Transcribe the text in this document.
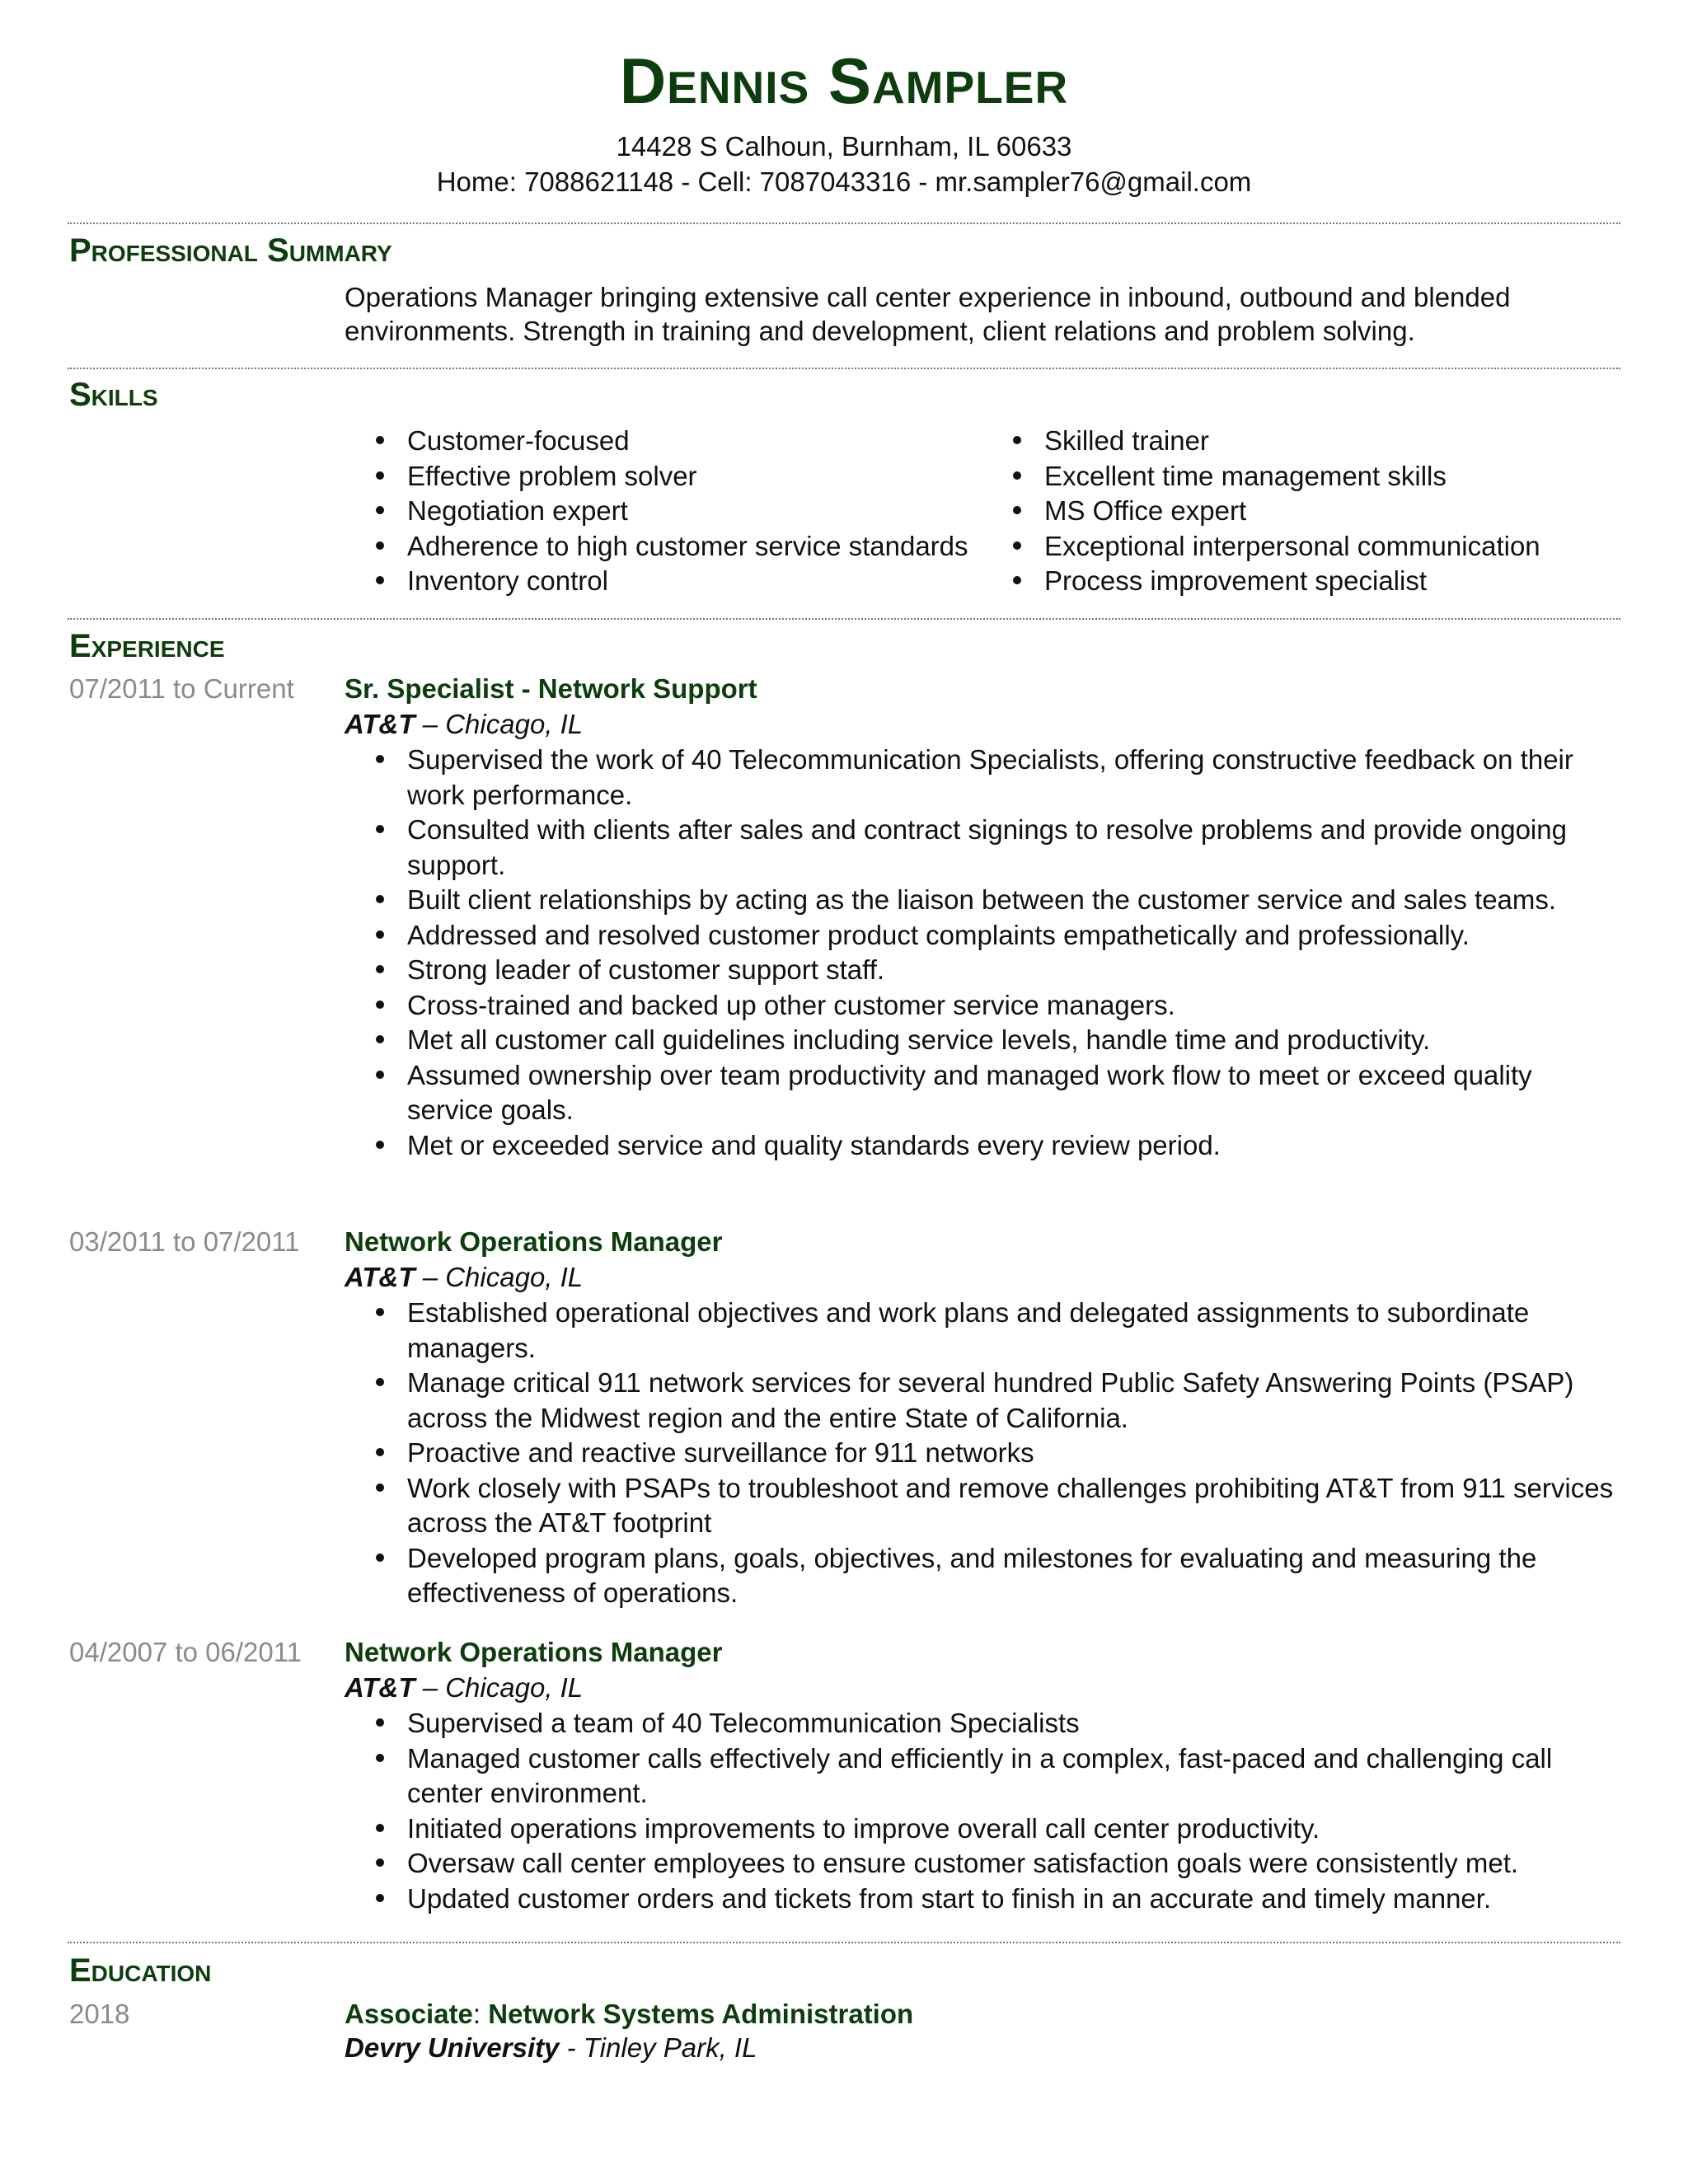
Dennis Sampler
14428 S Calhoun, Burnham, IL 60633
Home: 7088621148 - Cell: 7087043316 - mr.sampler76@gmail.com
Professional Summary
Operations Manager bringing extensive call center experience in inbound, outbound and blended environments. Strength in training and development, client relations and problem solving.
Skills
Customer-focused
Effective problem solver
Negotiation expert
Adherence to high customer service standards
Inventory control
Skilled trainer
Excellent time management skills
MS Office expert
Exceptional interpersonal communication
Process improvement specialist
Experience
07/2011 to Current Sr. Specialist - Network Support
AT&T – Chicago, IL
Supervised the work of 40 Telecommunication Specialists, offering constructive feedback on their work performance.
Consulted with clients after sales and contract signings to resolve problems and provide ongoing support.
Built client relationships by acting as the liaison between the customer service and sales teams.
Addressed and resolved customer product complaints empathetically and professionally.
Strong leader of customer support staff.
Cross-trained and backed up other customer service managers.
Met all customer call guidelines including service levels, handle time and productivity.
Assumed ownership over team productivity and managed work flow to meet or exceed quality service goals.
Met or exceeded service and quality standards every review period.
03/2011 to 07/2011 Network Operations Manager
AT&T – Chicago, IL
Established operational objectives and work plans and delegated assignments to subordinate managers.
Manage critical 911 network services for several hundred Public Safety Answering Points (PSAP) across the Midwest region and the entire State of California.
Proactive and reactive surveillance for 911 networks
Work closely with PSAPs to troubleshoot and remove challenges prohibiting AT&T from 911 services across the AT&T footprint
Developed program plans, goals, objectives, and milestones for evaluating and measuring the effectiveness of operations.
04/2007 to 06/2011 Network Operations Manager
AT&T – Chicago, IL
Supervised a team of 40 Telecommunication Specialists
Managed customer calls effectively and efficiently in a complex, fast-paced and challenging call center environment.
Initiated operations improvements to improve overall call center productivity.
Oversaw call center employees to ensure customer satisfaction goals were consistently met.
Updated customer orders and tickets from start to finish in an accurate and timely manner.
Education
2018	Associate: Network Systems Administration
Devry University - Tinley Park, IL
